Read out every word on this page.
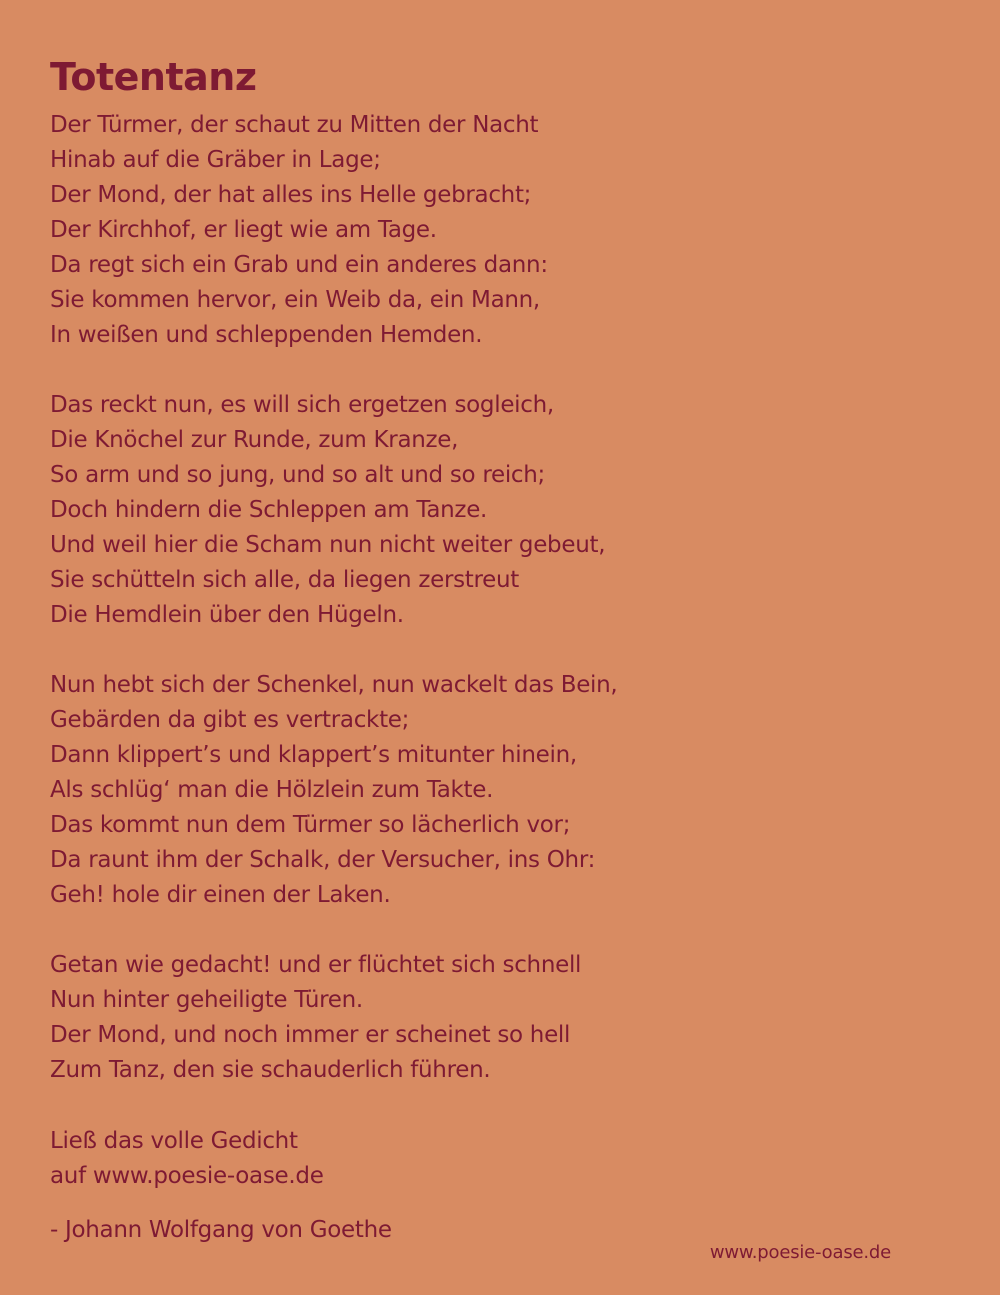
Totentanz
Der Türmer, der schaut zu Mitten der Nacht
Hinab auf die Gräber in Lage;
Der Mond, der hat alles ins Helle gebracht;
Der Kirchhof, er liegt wie am Tage.
Da regt sich ein Grab und ein anderes dann:
Sie kommen hervor, ein Weib da, ein Mann,
In weißen und schleppenden Hemden.
Das reckt nun, es will sich ergetzen sogleich,
Die Knöchel zur Runde, zum Kranze,
So arm und so jung, und so alt und so reich;
Doch hindern die Schleppen am Tanze.
Und weil hier die Scham nun nicht weiter gebeut,
Sie schütteln sich alle, da liegen zerstreut
Die Hemdlein über den Hügeln.
Nun hebt sich der Schenkel, nun wackelt das Bein,
Gebärden da gibt es vertrackte;
Dann klippert’s und klappert’s mitunter hinein,
Als schlüg‘ man die Hölzlein zum Takte.
Das kommt nun dem Türmer so lächerlich vor;
Da raunt ihm der Schalk, der Versucher, ins Ohr:
Geh! hole dir einen der Laken.
Getan wie gedacht! und er flüchtet sich schnell
Nun hinter geheiligte Türen.
Der Mond, und noch immer er scheinet so hell
Zum Tanz, den sie schauderlich führen.
Ließ das volle Gedicht
auf www.poesie-oase.de
- Johann Wolfgang von Goethe
www.poesie-oase.de
